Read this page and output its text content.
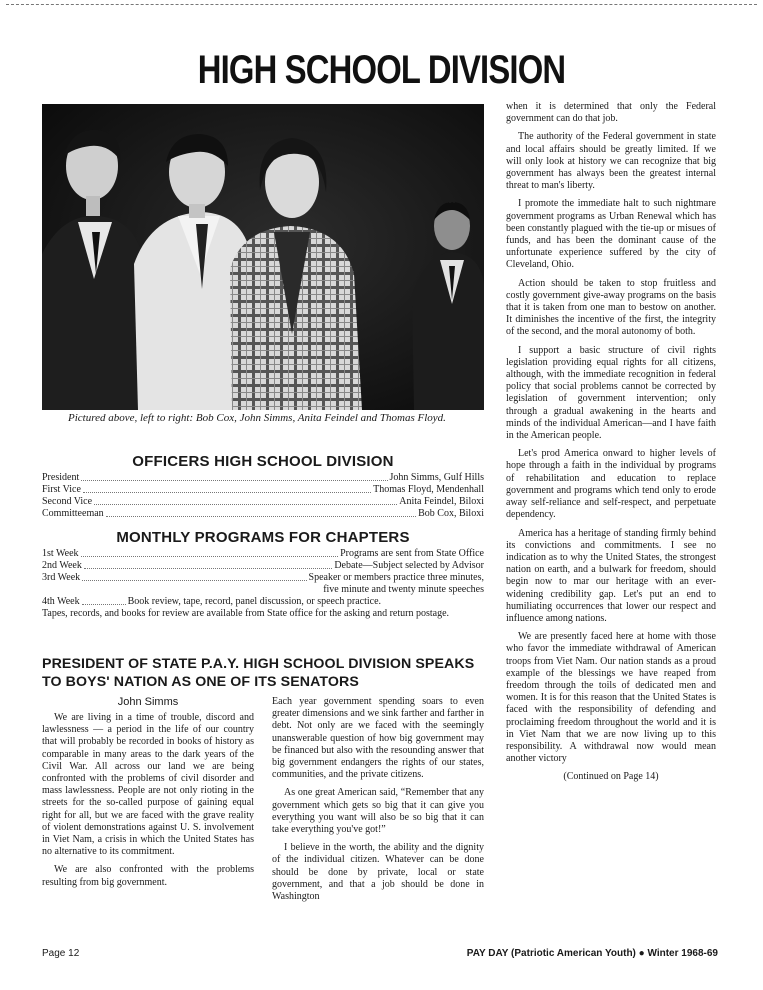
HIGH SCHOOL DIVISION
Pictured above, left to right: Bob Cox, John Simms, Anita Feindel and Thomas Floyd.
OFFICERS HIGH SCHOOL DIVISION
President	John Simms, Gulf Hills
First Vice	Thomas Floyd, Mendenhall
Second Vice	Anita Feindel, Biloxi
Committeeman	Bob Cox, Biloxi
MONTHLY PROGRAMS FOR CHAPTERS
1st Week	Programs are sent from State Office
2nd Week	Debate—Subject selected by Advisor
3rd Week	Speaker or members practice three minutes,
five minute and twenty minute speeches
4th Week	Book review, tape, record, panel discussion, or speech practice.
Tapes, records, and books for review are available from State office for the asking and return postage.
PRESIDENT OF STATE P.A.Y. HIGH SCHOOL DIVISION SPEAKS TO BOYS' NATION AS ONE OF ITS SENATORS
John Simms

We are living in a time of trouble, discord and lawlessness — a period in the life of our country that will probably be recorded in books of history as comparable in many areas to the dark years of the Civil War. All across our land we are being confronted with the problems of civil disorder and mass lawlessness. People are not only rioting in the streets for the so-called purpose of gaining equal right for all, but we are faced with the grave reality of violent demonstrations against U. S. involvement in Viet Nam, a crisis in which the United States has no alternative to its commitment.

We are also confronted with the problems resulting from big government.

Each year government spending soars to even greater dimensions and we sink farther and farther in debt. Not only are we faced with the seemingly unanswerable question of how big government may be financed but also with the resounding answer that big government endangers the rights of our states, communities, and the private citizens.

As one great American said, “Remember that any government which gets so big that it can give you everything you want will also be so big that it can take everything you've got!”

I believe in the worth, the ability and the dignity of the individual citizen. Whatever can be done should be done by private, local or state government, and that a job should be done in Washington

when it is determined that only the Federal government can do that job.

The authority of the Federal government in state and local affairs should be greatly limited. If we will only look at history we can recognize that big government has always been the greatest internal threat to man's liberty.

I promote the immediate halt to such nightmare government programs as Urban Renewal which has been constantly plagued with the tie-up or misues of funds, and has been the dominant cause of the unfortunate experience suffered by the city of Cleveland, Ohio.

Action should be taken to stop fruitless and costly government give-away programs on the basis that it is taken from one man to bestow on another. It diminishes the incentive of the first, the integrity of the second, and the moral autonomy of both.

I support a basic structure of civil rights legislation providing equal rights for all citizens, although, with the immediate recognition in federal policy that social problems cannot be corrected by legislation of government intervention; only through a gradual awakening in the hearts and minds of the individual American—and I have faith in the American people.

Let's prod America onward to higher levels of hope through a faith in the individual by programs of rehabilitation and education to replace government and programs which tend only to erode away self-reliance and self-respect, and perpetuate dependency.

America has a heritage of standing firmly behind its convictions and commitments. I see no indication as to why the United States, the strongest nation on earth, and a bulwark for freedom, should begin now to mar our heritage with an ever-widening credibility gap. Let's put an end to humiliating occurrences that lower our respect and influence among nations.

We are presently faced here at home with those who favor the immediate withdrawal of American troops from Viet Nam. Our nation stands as a proud example of the blessings we have reaped from freedom through the toils of dedicated men and women. It is for this reason that the United States is faced with the responsibility of defending and proclaiming freedom throughout the world and it is in Viet Nam that we are now living up to this responsibility. A withdrawal now would mean another victory

(Continued on Page 14)

Page 12	PAY DAY (Patriotic American Youth) ● Winter 1968-69
